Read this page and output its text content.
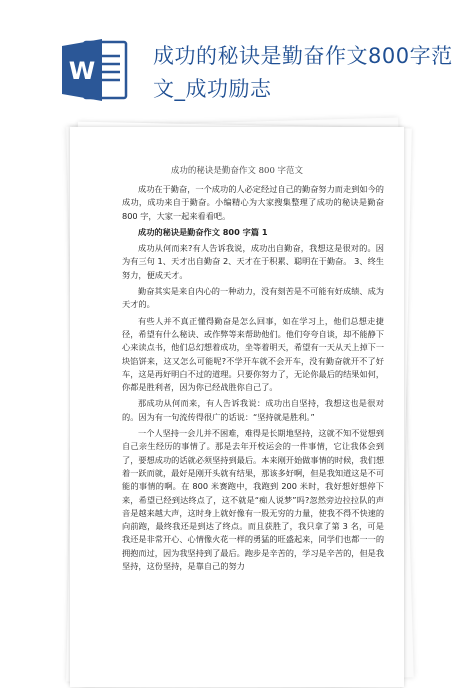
W
成功的秘诀是勤奋作文800字范文_成功励志
成功的秘诀是勤奋作文 800 字范文

成功在于勤奋，一个成功的人必定经过自己的勤奋努力而走到如今的成功，成功来自于勤奋。小编精心为大家搜集整理了成功的秘诀是勤奋 800 字，大家一起来看看吧。

成功的秘诀是勤奋作文 800 字篇 1

成功从何而来?有人告诉我说，成功出自勤奋，我想这是很对的。因为有三句 1、天才出自勤奋 2、天才在于积累、聪明在于勤奋。 3、终生努力，便成天才。

勤奋其实是来自内心的一种动力，没有刻苦是不可能有好成绩、成为天才的。

有些人并不真正懂得勤奋是怎么回事，如在学习上，他们总想走捷径，希望有什么秘诀、或作弊等来帮助他们。他们夸夸自谈，却不能静下心来读点书，他们总幻想着成功，坐等着明天，希望有一天从天上掉下一块馅饼来，这又怎么可能呢?不学开车就不会开车，没有勤奋就开不了好车，这是再好明白不过的道理。只要你努力了，无论你最后的结果如何，你都是胜利者，因为你已经战胜你自己了。

那成功从何而来，有人告诉我说：成功出自坚持，我想这也是很对的。因为有一句流传得很广的话说：“坚持就是胜利。”

一个人坚持一会儿并不困难，难得是长期地坚持，这就不知不觉想到自己亲生经历的事情了。那是去年开校运会的一件事情，它让我体会到了，要想成功的话就必须坚持到最后。本来刚开始做事情的时候，我们想着一跃而就，最好是刚开头就有结果，那该多好啊，但是我知道这是不可能的事情的啊。在 800 米赛跑中，我跑到 200 米时，我好想好想停下来，希望已经到达终点了，这不就是“痴人说梦”吗?忽然旁边拉拉队的声音是越来越大声，这时身上就好像有一股无穷的力量，使我不得不快速的向前跑，最终我还是到达了终点。而且获胜了，我只拿了第 3 名，可是我还是非常开心、心情像火花一样的勇猛的旺盛起来，同学们也都一一的拥抱而过，因为我坚持到了最后。跑步是辛苦的，学习是辛苦的，但是我坚持，这份坚持，是靠自己的努力
